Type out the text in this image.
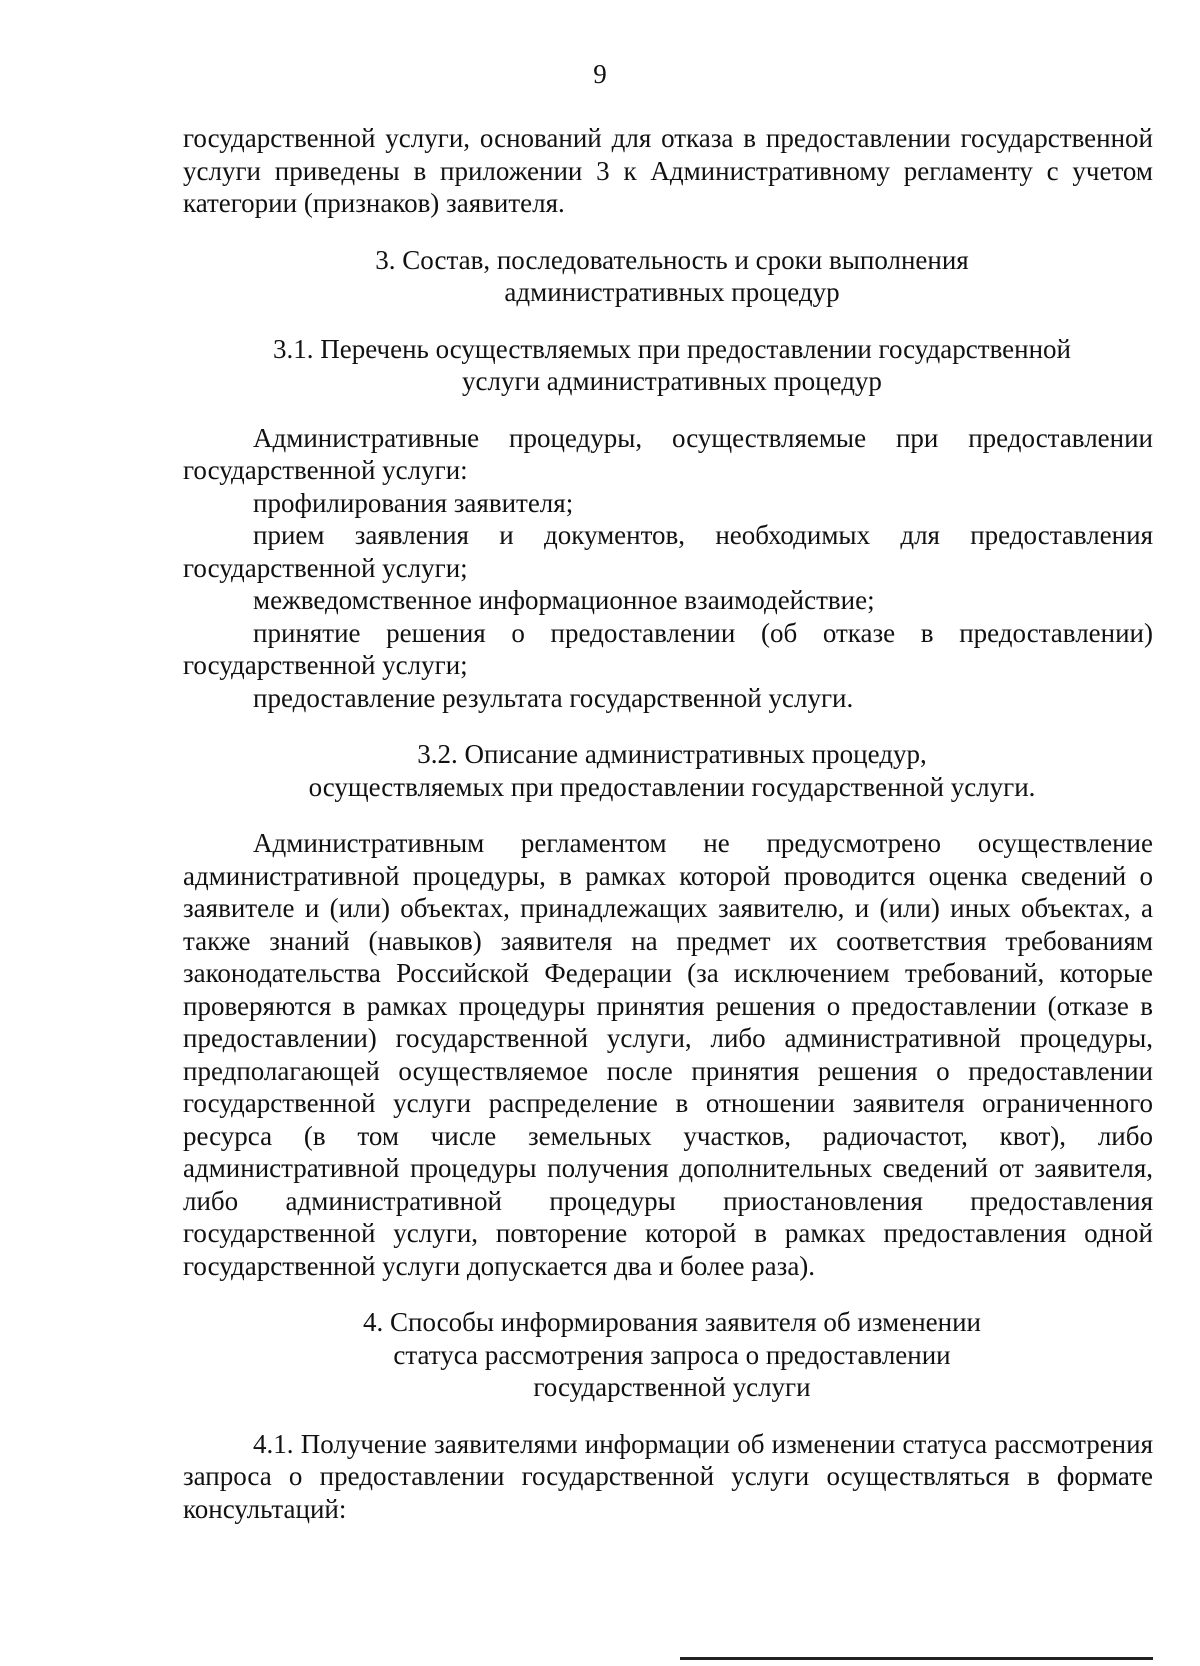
9

государственной услуги, оснований для отказа в предоставлении государственной услуги приведены в приложении 3 к Административному регламенту с учетом категории (признаков) заявителя.

3. Состав, последовательность и сроки выполнения
административных процедур
3.1. Перечень осуществляемых при предоставлении государственной
услуги административных процедур

Административные процедуры, осуществляемые при предоставлении государственной услуги:

профилирования заявителя;

прием заявления и документов, необходимых для предоставления государственной услуги;

межведомственное информационное взаимодействие;

принятие решения о предоставлении (об отказе в предоставлении) государственной услуги;

предоставление результата государственной услуги.

3.2. Описание административных процедур,
осуществляемых при предоставлении государственной услуги.

Административным регламентом не предусмотрено осуществление административной процедуры, в рамках которой проводится оценка сведений о заявителе и (или) объектах, принадлежащих заявителю, и (или) иных объектах, а также знаний (навыков) заявителя на предмет их соответствия требованиям законодательства Российской Федерации (за исключением требований, которые проверяются в рамках процедуры принятия решения о предоставлении (отказе в предоставлении) государственной услуги, либо административной процедуры, предполагающей осуществляемое после принятия решения о предоставлении государственной услуги распределение в отношении заявителя ограниченного ресурса (в том числе земельных участков, радиочастот, квот), либо административной процедуры получения дополнительных сведений от заявителя, либо административной процедуры приостановления предоставления государственной услуги, повторение которой в рамках предоставления одной государственной услуги допускается два и более раза).

4. Способы информирования заявителя об изменении
статуса рассмотрения запроса о предоставлении
государственной услуги

4.1. Получение заявителями информации об изменении статуса рассмотрения запроса о предоставлении государственной услуги осуществляться в формате консультаций:
